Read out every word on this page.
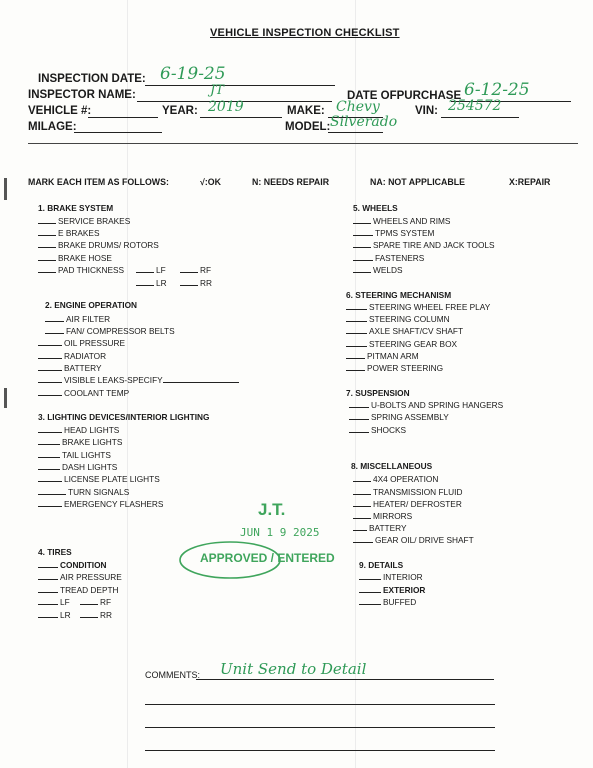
VEHICLE INSPECTION CHECKLIST
INSPECTION DATE: 6-19-25
INSPECTOR NAME:	JT	DATE OFPURCHASE 6-12-25
VEHICLE #:	YEAR: 2019	MAKE: Chevy	VIN: 254572
MILAGE:	MODEL: Silverado
MARK EACH ITEM AS FOLLOWS:	√:OK	N: NEEDS REPAIR	NA: NOT APPLICABLE	X:REPAIR
1. BRAKE SYSTEM
SERVICE BRAKES
E BRAKES
BRAKE DRUMS/ ROTORS
BRAKE HOSE
PAD THICKNESS	LF	RF
LR	RR
2. ENGINE OPERATION
AIR FILTER
FAN/ COMPRESSOR BELTS
OIL PRESSURE
RADIATOR
BATTERY
VISIBLE LEAKS-SPECIFY
COOLANT TEMP
3. LIGHTING DEVICES/INTERIOR LIGHTING
HEAD LIGHTS
BRAKE LIGHTS
TAIL LIGHTS
DASH LIGHTS
LICENSE PLATE LIGHTS
TURN SIGNALS
EMERGENCY FLASHERS
4. TIRES
CONDITION
AIR PRESSURE
TREAD DEPTH
LF	RF
LR	RR
5. WHEELS
WHEELS AND RIMS
TPMS SYSTEM
SPARE TIRE AND JACK TOOLS
FASTENERS
WELDS
6. STEERING MECHANISM
STEERING WHEEL FREE PLAY
STEERING COLUMN
AXLE SHAFT/CV SHAFT
STEERING GEAR BOX
PITMAN ARM
POWER STEERING
7. SUSPENSION
U-BOLTS AND SPRING HANGERS
SPRING ASSEMBLY
SHOCKS
8. MISCELLANEOUS
4X4 OPERATION
TRANSMISSION FLUID
HEATER/ DEFROSTER
MIRRORS
BATTERY
GEAR OIL/ DRIVE SHAFT
9. DETAILS
INTERIOR
EXTERIOR
BUFFED
J.T.
JUN 1 9 2025
APPROVED / ENTERED
COMMENTS: Unit Send to Detail
